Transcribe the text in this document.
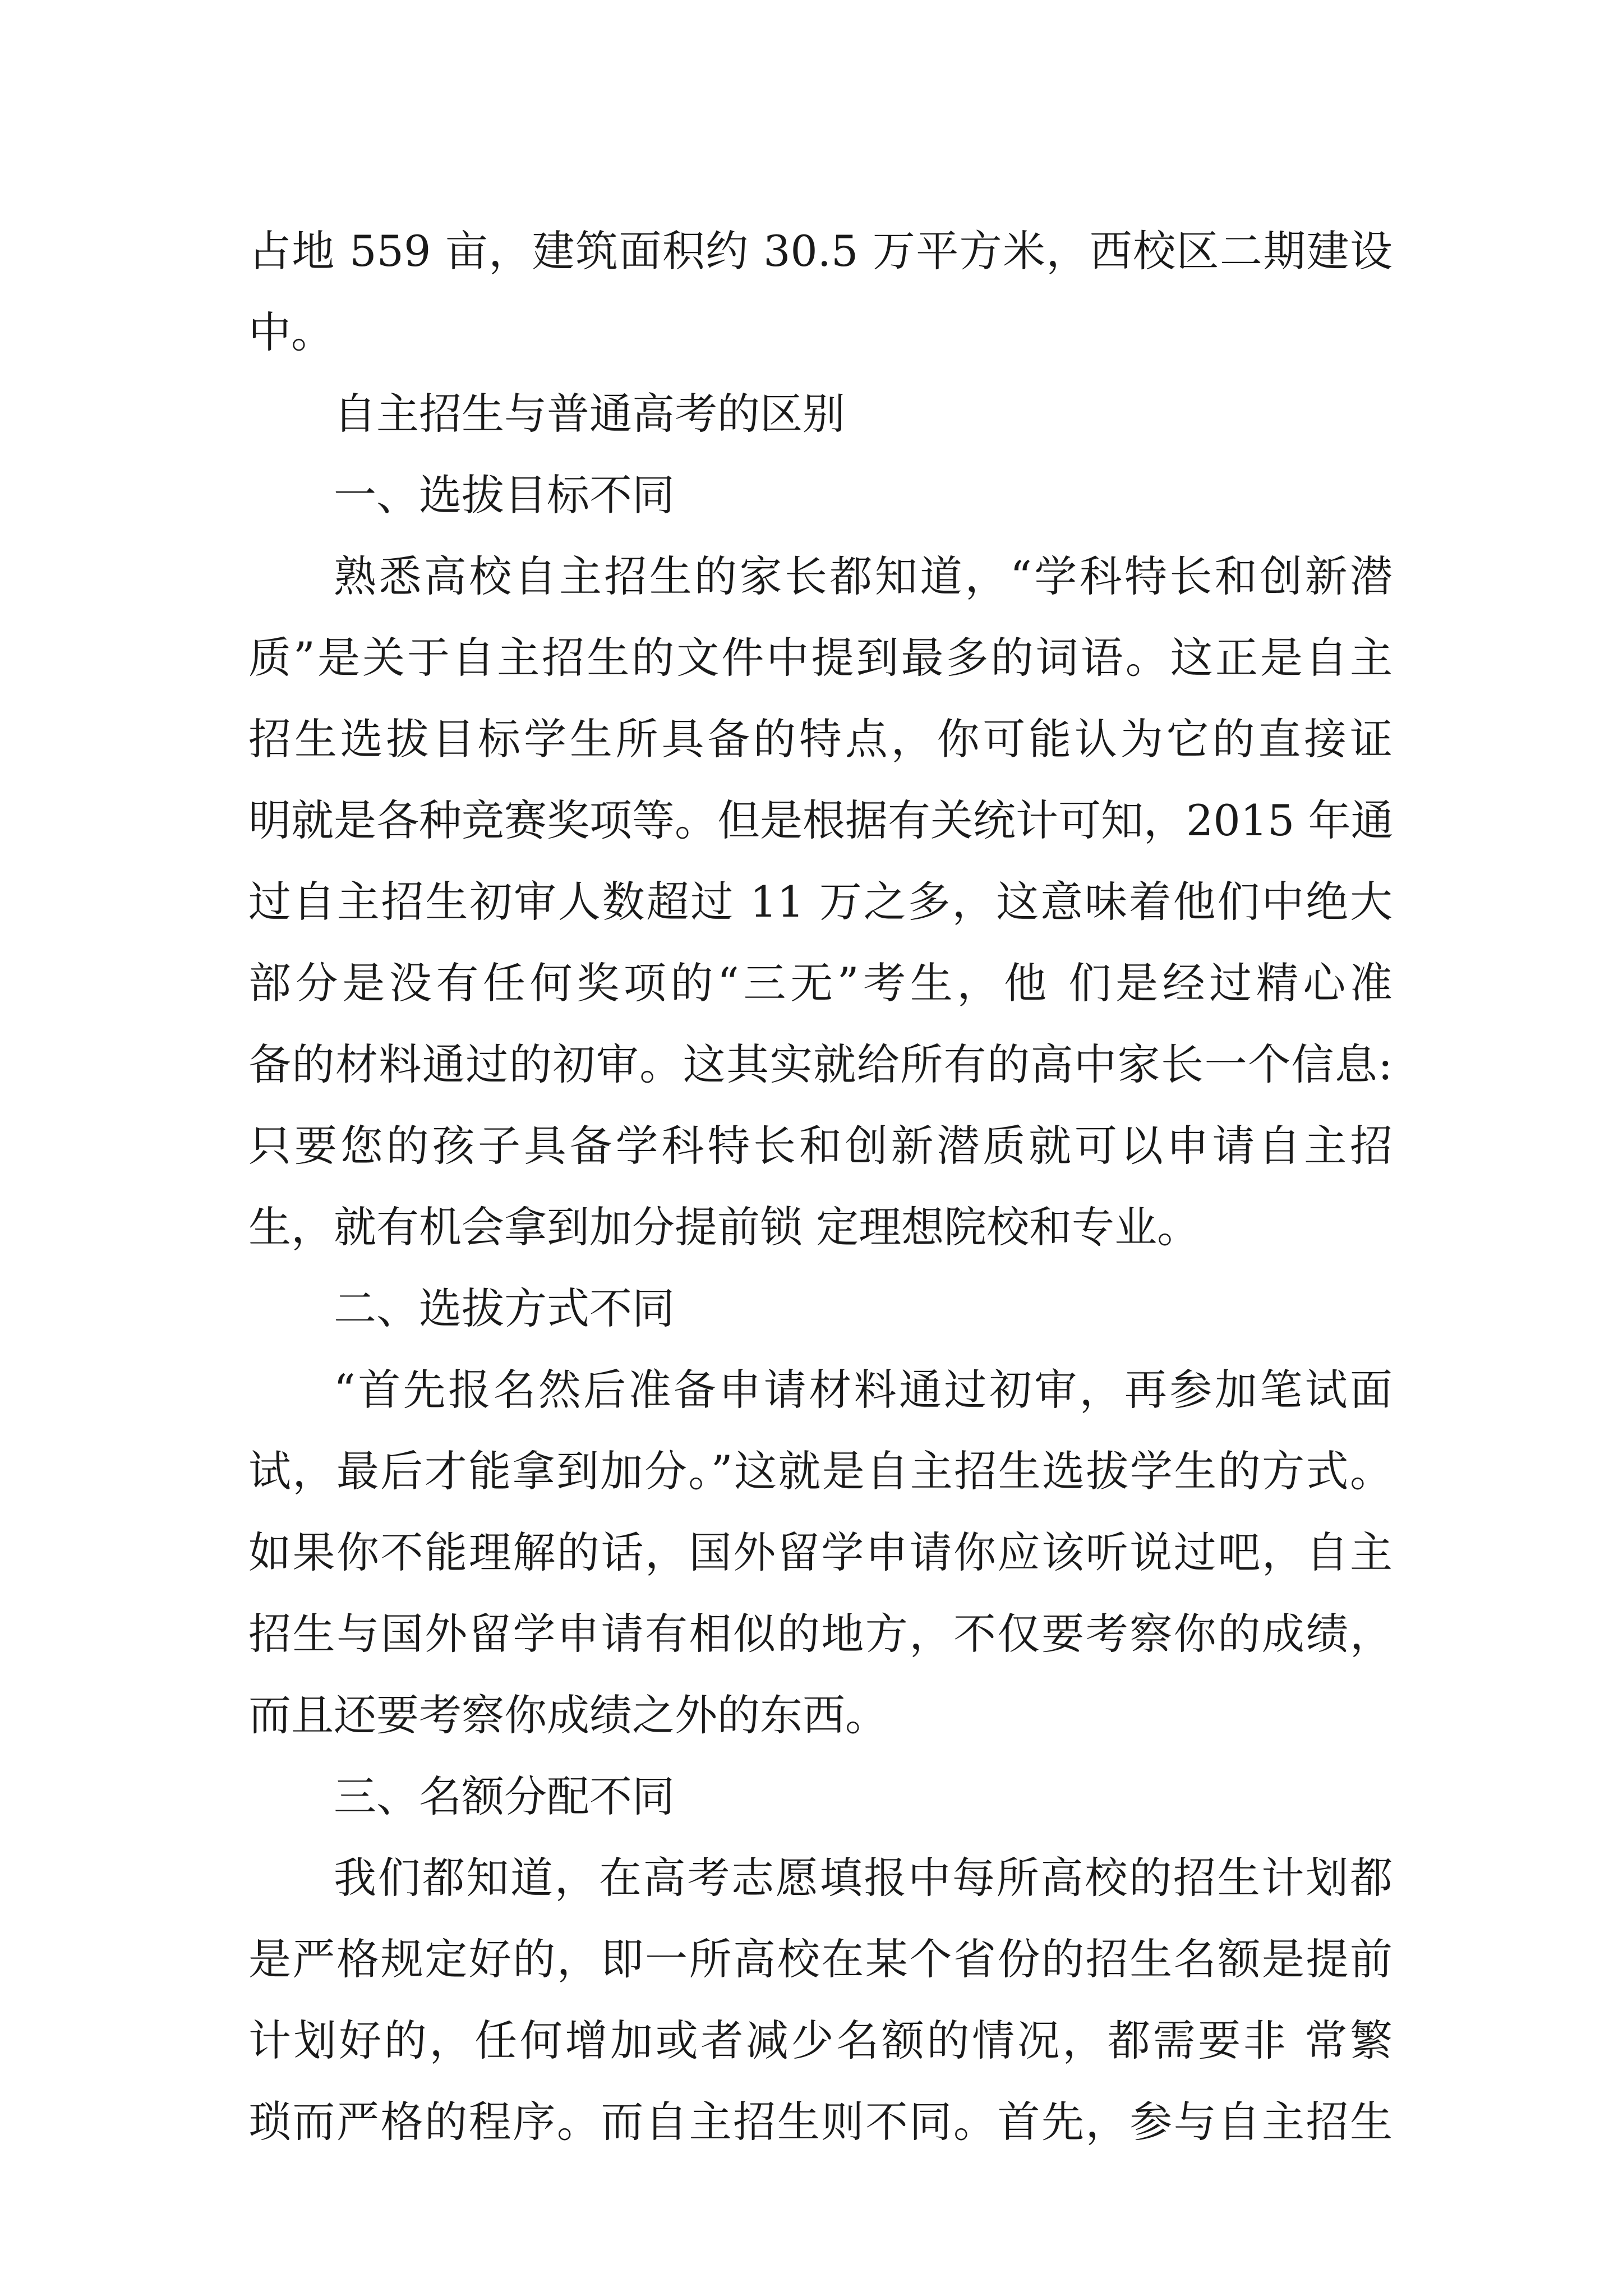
占地 559 亩，建筑面积约 30.5 万平方米，西校区二期建设
中。
自主招生与普通高考的区别
一、选拔目标不同
熟悉高校自主招生的家长都知道，“学科特长和创新潜
质”是关于自主招生的文件中提到最多的词语。这正是自主
招生选拔目标学生所具备的特点，你可能认为它的直接证
明就是各种竞赛奖项等。但是根据有关统计可知，2015 年通
过自主招生初审人数超过 11 万之多，这意味着他们中绝大
部分是没有任何奖项的“三无”考生，他 们是经过精心准
备的材料通过的初审。这其实就给所有的高中家长一个信息:
只要您的孩子具备学科特长和创新潜质就可以申请自主招
生，就有机会拿到加分提前锁 定理想院校和专业。
二、选拔方式不同
“首先报名然后准备申请材料通过初审，再参加笔试面
试，最后才能拿到加分。”这就是自主招生选拔学生的方式。
如果你不能理解的话，国外留学申请你应该听说过吧，自主
招生与国外留学申请有相似的地方，不仅要考察你的成绩，
而且还要考察你成绩之外的东西。
三、名额分配不同
我们都知道，在高考志愿填报中每所高校的招生计划都
是严格规定好的，即一所高校在某个省份的招生名额是提前
计划好的，任何增加或者减少名额的情况，都需要非 常繁
琐而严格的程序。而自主招生则不同。首先，参与自主招生
